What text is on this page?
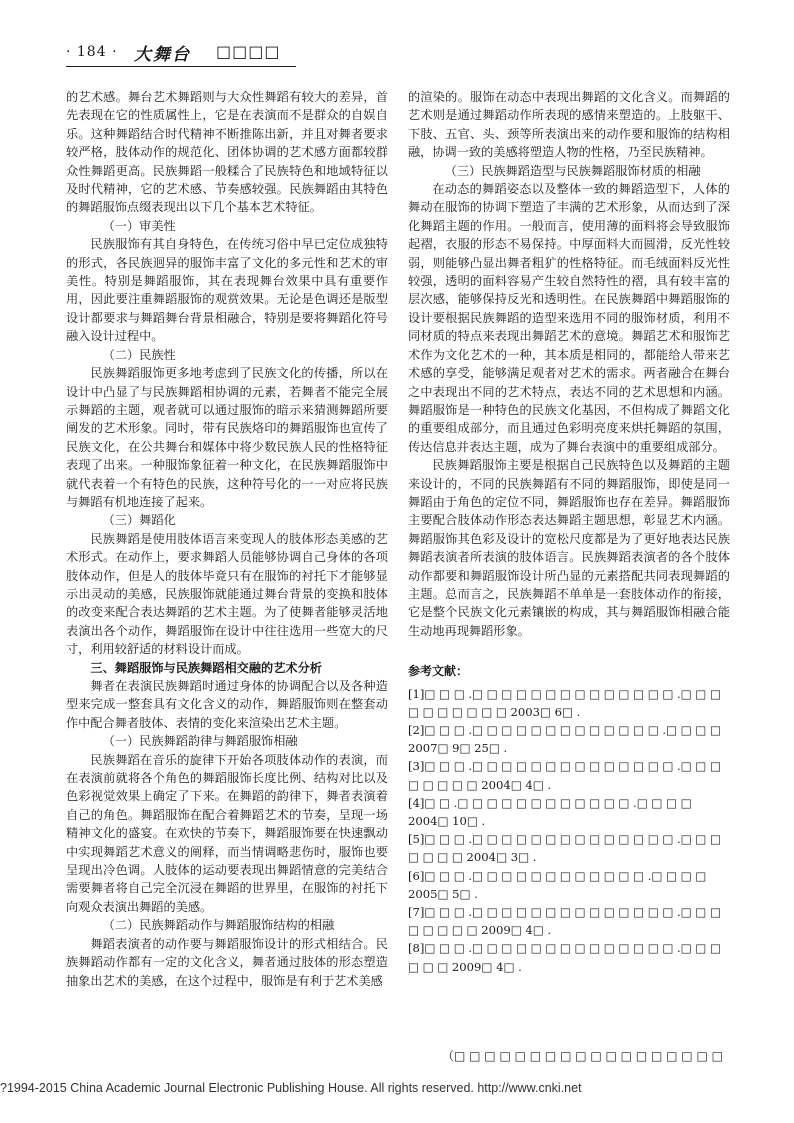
· 184 · 大舞台 □□□□
的艺术感。舞台艺术舞蹈则与大众性舞蹈有较大的差异，首先表现在它的性质属性上，它是在表演而不是群众的自娱自乐。这种舞蹈结合时代精神不断推陈出新，并且对舞者要求较严格，肢体动作的规范化、团体协调的艺术感方面都较群众性舞蹈更高。民族舞蹈一般糅合了民族特色和地域特征以及时代精神，它的艺术感、节奏感较强。民族舞蹈由其特色的舞蹈服饰点缀表现出以下几个基本艺术特征。
（一）审美性
民族服饰有其自身特色，在传统习俗中早已定位成独特的形式，各民族迥异的服饰丰富了文化的多元性和艺术的审美性。特别是舞蹈服饰，其在表现舞台效果中具有重要作用，因此要注重舞蹈服饰的观赏效果。无论是色调还是版型设计都要求与舞蹈舞台背景相融合，特别是要将舞蹈化符号融入设计过程中。
（二）民族性
民族舞蹈服饰更多地考虑到了民族文化的传播，所以在设计中凸显了与民族舞蹈相协调的元素，若舞者不能完全展示舞蹈的主题，观者就可以通过服饰的暗示来猜测舞蹈所要阐发的艺术形象。同时，带有民族烙印的舞蹈服饰也宣传了民族文化，在公共舞台和媒体中将少数民族人民的性格特征表现了出来。一种服饰象征着一种文化，在民族舞蹈服饰中就代表着一个有特色的民族，这种符号化的一一对应将民族与舞蹈有机地连接了起来。
（三）舞蹈化
民族舞蹈是使用肢体语言来变现人的肢体形态美感的艺术形式。在动作上，要求舞蹈人员能够协调自己身体的各项肢体动作，但是人的肢体毕竟只有在服饰的衬托下才能够显示出灵动的美感，民族服饰就能通过舞台背景的变换和肢体的改变来配合表达舞蹈的艺术主题。为了使舞者能够灵活地表演出各个动作，舞蹈服饰在设计中往往选用一些宽大的尺寸，利用较舒适的材料设计而成。
三、舞蹈服饰与民族舞蹈相交融的艺术分析
舞者在表演民族舞蹈时通过身体的协调配合以及各种造型来完成一整套具有文化含义的动作，舞蹈服饰则在整套动作中配合舞者肢体、表情的变化来渲染出艺术主题。
（一）民族舞蹈韵律与舞蹈服饰相融
民族舞蹈在音乐的旋律下开始各项肢体动作的表演，而在表演前就将各个角色的舞蹈服饰长度比例、结构对比以及色彩视觉效果上确定了下来。在舞蹈的韵律下，舞者表演着自己的角色。舞蹈服饰在配合着舞蹈艺术的节奏，呈现一场精神文化的盛宴。在欢快的节奏下，舞蹈服饰要在快速飘动中实现舞蹈艺术意义的阐释，而当情调略悲伤时，服饰也要呈现出冷色调。人肢体的运动要表现出舞蹈情意的完美结合需要舞者将自己完全沉浸在舞蹈的世界里，在服饰的衬托下向观众表演出舞蹈的美感。
（二）民族舞蹈动作与舞蹈服饰结构的相融
舞蹈表演者的动作要与舞蹈服饰设计的形式相结合。民族舞蹈动作都有一定的文化含义，舞者通过肢体的形态塑造抽象出艺术的美感，在这个过程中，服饰是有利于艺术美感
的渲染的。服饰在动态中表现出舞蹈的文化含义。而舞蹈的艺术则是通过舞蹈动作所表现的感情来塑造的。上肢躯干、下肢、五官、头、颈等所表演出来的动作要和服饰的结构相融，协调一致的美感将塑造人物的性格，乃至民族精神。
（三）民族舞蹈造型与民族舞蹈服饰材质的相融
在动态的舞蹈姿态以及整体一致的舞蹈造型下，人体的舞动在服饰的协调下塑造了丰满的艺术形象，从而达到了深化舞蹈主题的作用。一般而言，使用薄的面料将会导致服饰起褶，衣服的形态不易保持。中厚面料大而圆滑，反光性较弱，则能够凸显出舞者粗犷的性格特征。而毛绒面料反光性较强，透明的面料容易产生较自然特性的褶，具有较丰富的层次感，能够保持反光和透明性。在民族舞蹈中舞蹈服饰的设计要根据民族舞蹈的造型来选用不同的服饰材质，利用不同材质的特点来表现出舞蹈艺术的意境。舞蹈艺术和服饰艺术作为文化艺术的一种，其本质是相同的，都能给人带来艺术感的享受，能够满足观者对艺术的需求。两者融合在舞台之中表现出不同的艺术特点，表达不同的艺术思想和内涵。舞蹈服饰是一种特色的民族文化基因，不但构成了舞蹈文化的重要组成部分，而且通过色彩明亮度来烘托舞蹈的氛围，传达信息并表达主题，成为了舞台表演中的重要组成部分。
民族舞蹈服饰主要是根据自己民族特色以及舞蹈的主题来设计的，不同的民族舞蹈有不同的舞蹈服饰，即使是同一舞蹈由于角色的定位不同，舞蹈服饰也存在差异。舞蹈服饰主要配合肢体动作形态表达舞蹈主题思想，彰显艺术内涵。舞蹈服饰其色彩及设计的宽松尺度都是为了更好地表达民族舞蹈表演者所表演的肢体语言。民族舞蹈表演者的各个肢体动作都要和舞蹈服饰设计所凸显的元素搭配共同表现舞蹈的主题。总而言之，民族舞蹈不单单是一套肢体动作的衔接，它是整个民族文化元素镶嵌的构成，其与舞蹈服饰相融合能生动地再现舞蹈形象。
参考文献：
[1]□ □ □ .□ □ □ □ □ □ □ □ □ □ □ □ □ □ .□ □ □ □ □ □ □ □ □ □ 2003□ 6□ .
[2]□ □ □ .□ □ □ □ □ □ □ □ □ □ □ □ □ .□ □ □ □ 2007□ 9□ 25□ .
[3]□ □ □ .□ □ □ □ □ □ □ □ □ □ □ □ □ □ .□ □ □ □ □ □ □ □ 2004□ 4□ .
[4]□ □ .□ □ □ □ □ □ □ □ □ □ □ □ .□ □ □ □ 2004□ 10□ .
[5]□ □ □ .□ □ □ □ □ □ □ □ □ □ □ □ □ □ .□ □ □ □ □ □ □ 2004□ 3□ .
[6]□ □ □ .□ □ □ □ □ □ □ □ □ □ □ □ .□ □ □ □ 2005□ 5□ .
[7]□ □ □ .□ □ □ □ □ □ □ □ □ □ □ □ □ □ .□ □ □ □ □ □ □ □ 2009□ 4□ .
[8]□ □ □ .□ □ □ □ □ □ □ □ □ □ □ □ □ □ .□ □ □ □ □ □ 2009□ 4□ .
（□ □ □ □ □ □ □ □ □ □ □ □ □ □ □ □ □ □
?1994-2015 China Academic Journal Electronic Publishing House. All rights reserved. http://www.cnki.net
